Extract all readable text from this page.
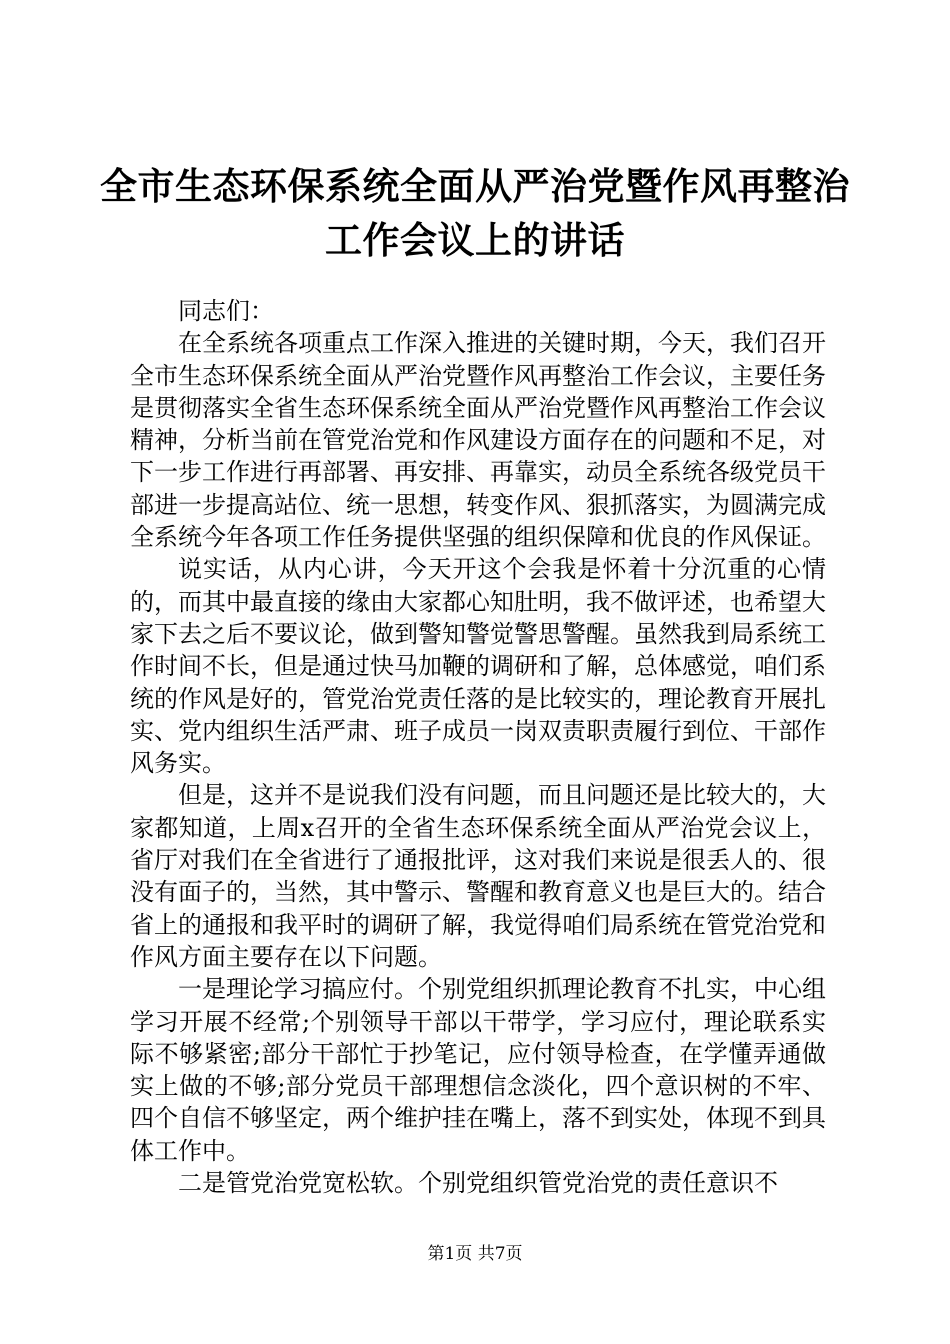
全市生态环保系统全面从严治党暨作风再整治

工作会议上的讲话

同志们：

在全系统各项重点工作深入推进的关键时期，今天，我们召开全市生态环保系统全面从严治党暨作风再整治工作会议，主要任务是贯彻落实全省生态环保系统全面从严治党暨作风再整治工作会议精神，分析当前在管党治党和作风建设方面存在的问题和不足，对下一步工作进行再部署、再安排、再靠实，动员全系统各级党员干部进一步提高站位、统一思想，转变作风、狠抓落实，为圆满完成全系统今年各项工作任务提供坚强的组织保障和优良的作风保证。

说实话，从内心讲，今天开这个会我是怀着十分沉重的心情的，而其中最直接的缘由大家都心知肚明，我不做评述，也希望大家下去之后不要议论，做到警知警觉警思警醒。虽然我到局系统工作时间不长，但是通过快马加鞭的调研和了解，总体感觉，咱们系统的作风是好的，管党治党责任落的是比较实的，理论教育开展扎实、党内组织生活严肃、班子成员一岗双责职责履行到位、干部作风务实。

但是，这并不是说我们没有问题，而且问题还是比较大的，大家都知道，上周x召开的全省生态环保系统全面从严治党会议上，省厅对我们在全省进行了通报批评，这对我们来说是很丢人的、很没有面子的，当然，其中警示、警醒和教育意义也是巨大的。结合省上的通报和我平时的调研了解，我觉得咱们局系统在管党治党和作风方面主要存在以下问题。

一是理论学习搞应付。个别党组织抓理论教育不扎实，中心组学习开展不经常;个别领导干部以干带学，学习应付，理论联系实际不够紧密;部分干部忙于抄笔记，应付领导检查，在学懂弄通做实上做的不够;部分党员干部理想信念淡化，四个意识树的不牢、四个自信不够坚定，两个维护挂在嘴上，落不到实处，体现不到具体工作中。

二是管党治党宽松软。个别党组织管党治党的责任意识不

第1页 共7页
